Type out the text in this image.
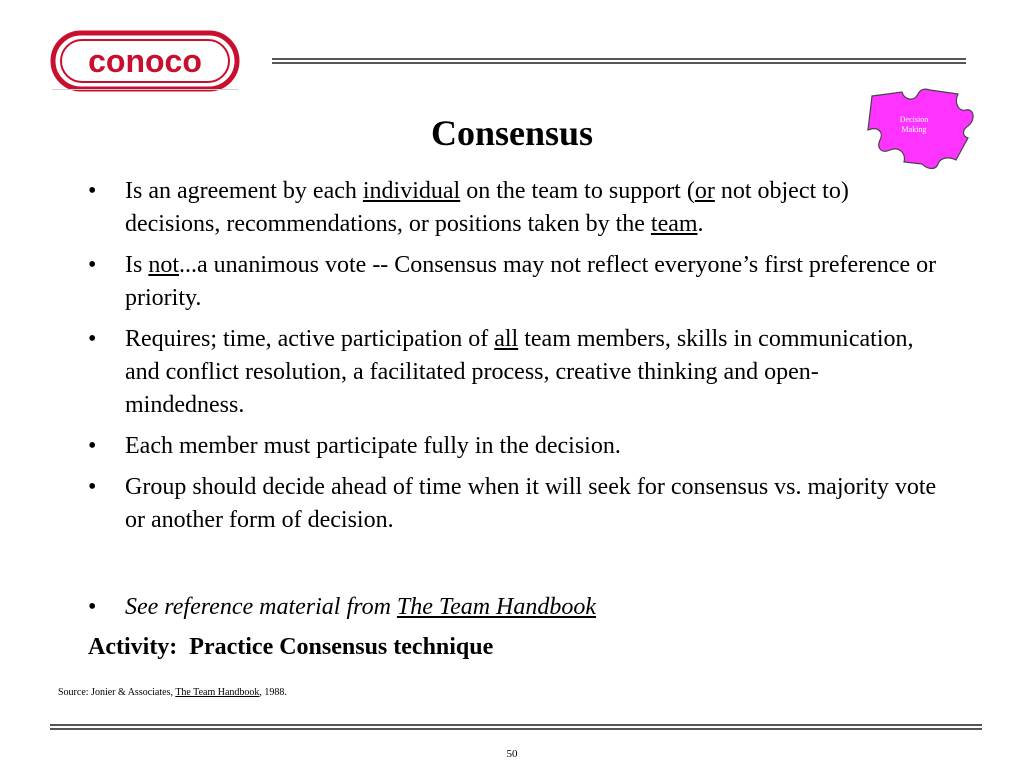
conoco
Decision
Making
Consensus
• Is an agreement by each individual on the team to support (or not object to) decisions, recommendations, or positions taken by the team.
• Is not...a unanimous vote -- Consensus may not reflect everyone’s first preference or priority.
• Requires; time, active participation of all team members, skills in communication, and conflict resolution, a facilitated process, creative thinking and open-mindedness.
• Each member must participate fully in the decision.
• Group should decide ahead of time when it will seek for consensus vs. majority vote or another form of decision.
• See reference material from The Team Handbook
Activity:  Practice Consensus technique
Source: Jonier & Associates, The Team Handbook, 1988.
50
